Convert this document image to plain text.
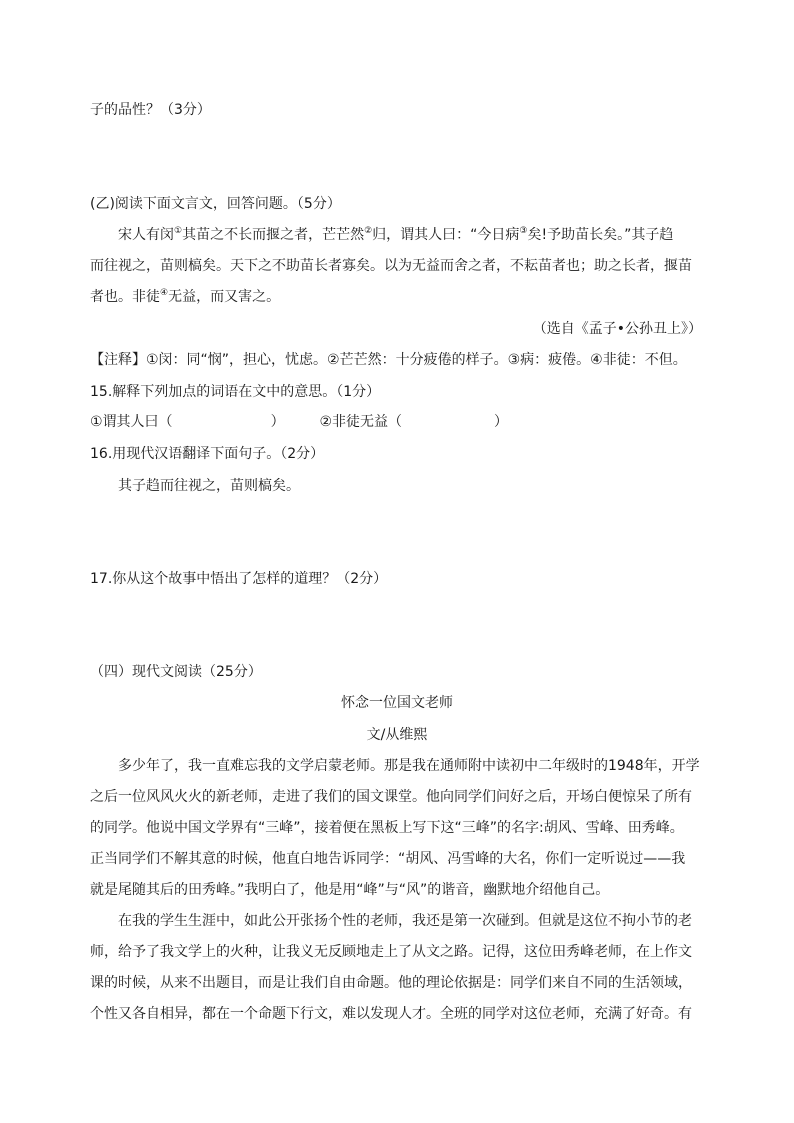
子的品性？（3分）
(乙)阅读下面文言文，回答问题。（5分）
宋人有闵①其苗之不长而揠之者，芒芒然②归，谓其人曰：“今日病③矣!予助苗长矣。”其子趋
而往视之，苗则槁矣。天下之不助苗长者寡矣。以为无益而舍之者，不耘苗者也；助之长者，揠苗
者也。非徒④无益，而又害之。
（选自《孟子•公孙丑上》）
【注释】①闵：同“悯”，担心，忧虑。②芒芒然：十分疲倦的样子。③病：疲倦。④非徒：不但。
15.解释下列加点的词语在文中的意思。（1分）
①谓其人曰（	） ②非徒无益（	）
16.用现代汉语翻译下面句子。（2分）
其子趋而往视之，苗则槁矣。
17.你从这个故事中悟出了怎样的道理？（2分）
（四）现代文阅读（25分）
怀念一位国文老师
文/从维熙
多少年了，我一直难忘我的文学启蒙老师。那是我在通师附中读初中二年级时的1948年，开学
之后一位风风火火的新老师，走进了我们的国文课堂。他向同学们问好之后，开场白便惊呆了所有
的同学。他说中国文学界有“三峰”，接着便在黑板上写下这“三峰”的名字:胡风、雪峰、田秀峰。
正当同学们不解其意的时候，他直白地告诉同学：“胡风、冯雪峰的大名，你们一定听说过——我
就是尾随其后的田秀峰。”我明白了，他是用“峰”与“风”的谐音，幽默地介绍他自己。
在我的学生生涯中，如此公开张扬个性的老师，我还是第一次碰到。但就是这位不拘小节的老
师，给予了我文学上的火种，让我义无反顾地走上了从文之路。记得，这位田秀峰老师，在上作文
课的时候，从来不出题目，而是让我们自由命题。他的理论依据是：同学们来自不同的生活领域，
个性又各自相异，都在一个命题下行文，难以发现人才。全班的同学对这位老师，充满了好奇。有
